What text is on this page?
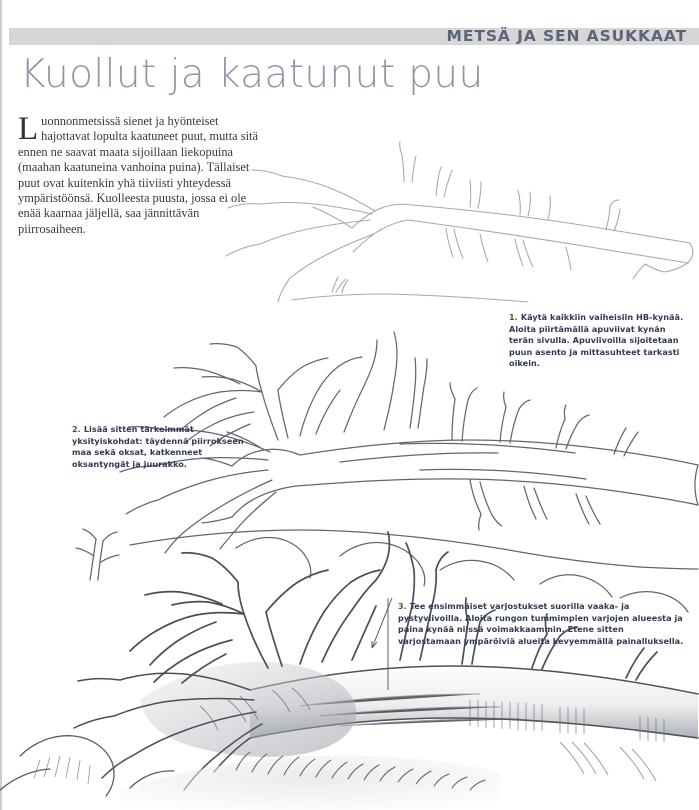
METSÄ JA SEN ASUKKAAT
Kuollut ja kaatunut puu
Luonnonmetsissä sienet ja hyönteiset hajottavat lopulta kaatuneet puut, mutta sitä ennen ne saavat maata sijoillaan liekopuina (maahan kaatuneina vanhoina puina). Tällaiset puut ovat kuitenkin yhä tiiviisti yhteydessä ympäristöönsä. Kuolleesta puusta, jossa ei ole enää kaarnaa jäljellä, saa jännittävän piirrosaiheen.
1. Käytä kaikkiin vaiheisiin HB-kynää. Aloita piirtämällä apuviivat kynän terän sivulla. Apuviivoilla sijoitetaan puun asento ja mittasuhteet tarkasti oikein.
2. Lisää sitten tärkeimmät yksityiskohdat: täydennä piirrokseen maa sekä oksat, katkenneet oksantyngät ja juurakko.
3. Tee ensimmäiset varjostukset suorilla vaaka- ja pystyviivoilla. Aloita rungon tummimpien varjojen alueesta ja paina kynää niissä voimakkaammin. Etene sitten varjostamaan ympäröiviä alueita kevyemmällä painalluksella.
